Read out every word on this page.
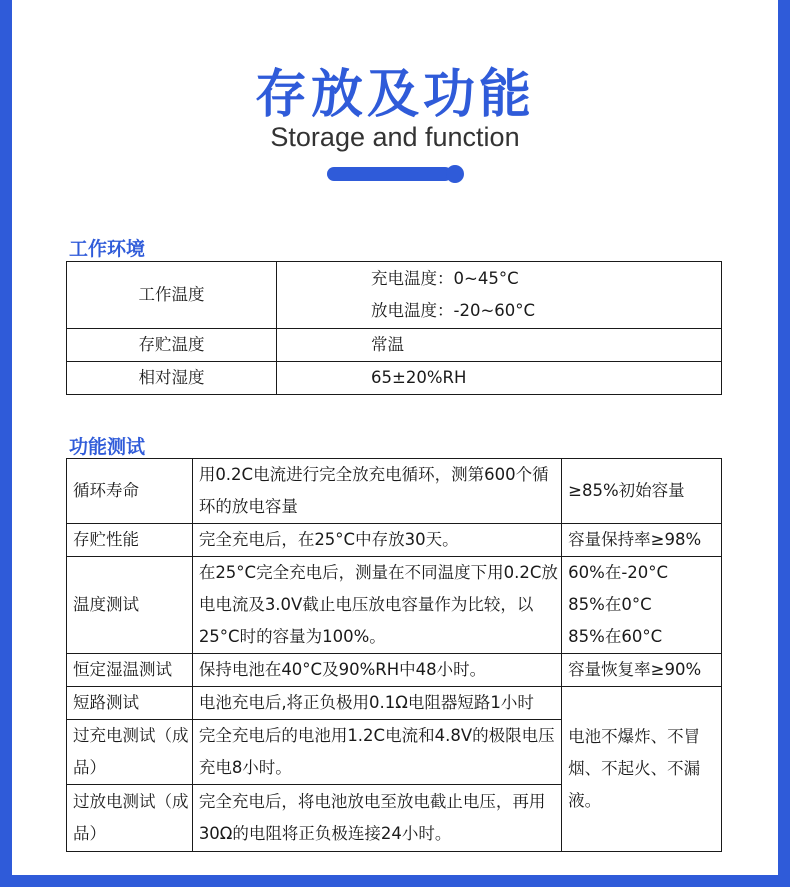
存放及功能
Storage and function
工作环境
工作温度	充电温度：0~45°C
放电温度：-20~60°C

存贮温度	常温
相对湿度	65±20%RH
功能测试
循环寿命	用0.2C电流进行完全放充电循环，测第600个循环的放电容量	≥85%初始容量
存贮性能	完全充电后，在25°C中存放30天。	容量保持率≥98%
温度测试	在25°C完全充电后，测量在不同温度下用0.2C放电电流及3.0V截止电压放电容量作为比较，以25°C时的容量为100%。	60%在-20°C
85%在0°C
85%在60°C

恒定湿温测试	保持电池在40°C及90%RH中48小时。	容量恢复率≥90%
短路测试	电池充电后,将正负极用0.1Ω电阻器短路1小时	电池不爆炸、不冒烟、不起火、不漏液。
过充电测试（成品）	完全充电后的电池用1.2C电流和4.8V的极限电压充电8小时。	
过放电测试（成品）	完全充电后，将电池放电至放电截止电压，再用30Ω的电阻将正负极连接24小时。	
